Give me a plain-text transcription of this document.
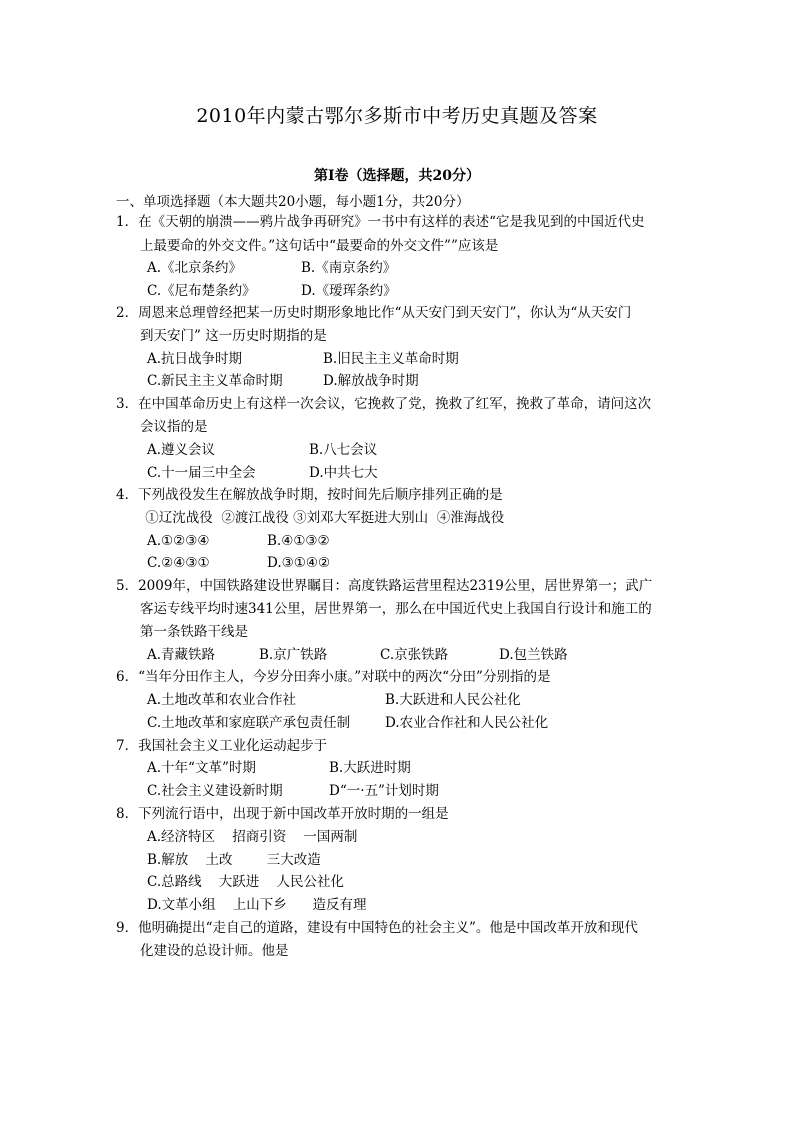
2010年内蒙古鄂尔多斯市中考历史真题及答案
第Ⅰ卷（选择题，共20分）
一、单项选择题（本大题共20小题，每小题1分，共20分）
1．在《天朝的崩溃——鸦片战争再研究》一书中有这样的表述“它是我见到的中国近代史
上最要命的外交文件。”这句话中“最要命的外交文件””应该是
A.《北京条约》	B.《南京条约》
C.《尼布楚条约》	D.《瑷珲条约》
2．周恩来总理曾经把某一历史时期形象地比作“从天安门到天安门”，你认为“从天安门
到天安门” 这一历史时期指的是
A.抗日战争时期	B.旧民主主义革命时期
C.新民主主义革命时期	D.解放战争时期
3．在中国革命历史上有这样一次会议，它挽救了党，挽救了红军，挽救了革命，请问这次
会议指的是
A.遵义会议	B.八七会议
C.十一届三中全会	D.中共七大
4．下列战役发生在解放战争时期，按时间先后顺序排列正确的是
①辽沈战役  ②渡江战役 ③刘邓大军挺进大别山  ④淮海战役
A.①②③④	B.④①③②
C.②④③①	D.③①④②
5．2009年，中国铁路建设世界瞩目：高度铁路运营里程达2319公里，居世界第一；武广
客运专线平均时速341公里，居世界第一，那么在中国近代史上我国自行设计和施工的
第一条铁路干线是
A.青藏铁路	B.京广铁路	C.京张铁路	D.包兰铁路
6．“当年分田作主人，今岁分田奔小康。”对联中的两次“分田”分别指的是
A.土地改革和农业合作社	B.大跃进和人民公社化
C.土地改革和家庭联产承包责任制	D.农业合作社和人民公社化
7．我国社会主义工业化运动起步于
A.十年“文革”时期	B.大跃进时期
C.社会主义建设新时期	D“一·五”计划时期
8．下列流行语中，出现于新中国改革开放时期的一组是
A.经济特区    招商引资    一国两制
B.解放    土改        三大改造
C.总路线    大跃进    人民公社化
D.文革小组    上山下乡      造反有理
9．他明确提出“走自己的道路，建设有中国特色的社会主义”。他是中国改革开放和现代
化建设的总设计师。他是
